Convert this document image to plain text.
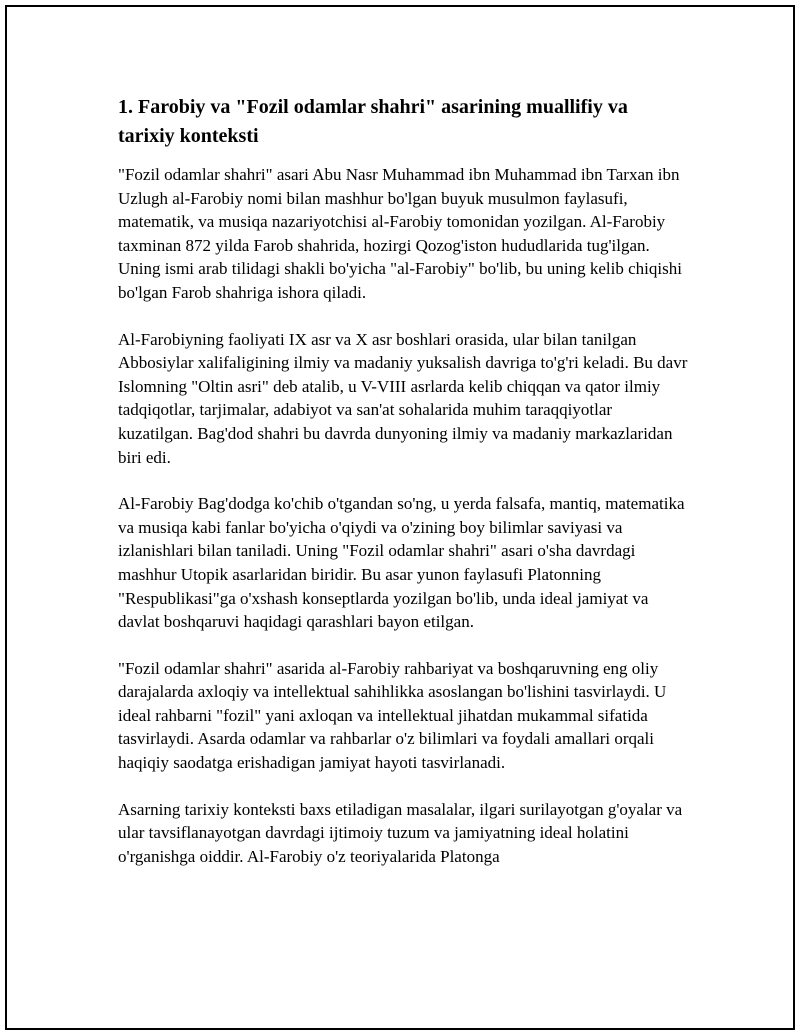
1. Farobiy va "Fozil odamlar shahri" asarining muallifiy va tarixiy konteksti

"Fozil odamlar shahri" asari Abu Nasr Muhammad ibn Muhammad ibn Tarxan ibn Uzlugh al-Farobiy nomi bilan mashhur bo'lgan buyuk musulmon faylasufi, matematik, va musiqa nazariyotchisi al-Farobiy tomonidan yozilgan. Al-Farobiy taxminan 872 yilda Farob shahrida, hozirgi Qozog'iston hududlarida tug'ilgan. Uning ismi arab tilidagi shakli bo'yicha "al-Farobiy" bo'lib, bu uning kelib chiqishi bo'lgan Farob shahriga ishora qiladi.

Al-Farobiyning faoliyati IX asr va X asr boshlari orasida, ular bilan tanilgan Abbosiylar xalifaligining ilmiy va madaniy yuksalish davriga to'g'ri keladi. Bu davr Islomning "Oltin asri" deb atalib, u V-VIII asrlarda kelib chiqqan va qator ilmiy tadqiqotlar, tarjimalar, adabiyot va san'at sohalarida muhim taraqqiyotlar kuzatilgan. Bag'dod shahri bu davrda dunyoning ilmiy va madaniy markazlaridan biri edi.

Al-Farobiy Bag'dodga ko'chib o'tgandan so'ng, u yerda falsafa, mantiq, matematika va musiqa kabi fanlar bo'yicha o'qiydi va o'zining boy bilimlar saviyasi va izlanishlari bilan taniladi. Uning "Fozil odamlar shahri" asari o'sha davrdagi mashhur Utopik asarlaridan biridir. Bu asar yunon faylasufi Platonning "Respublikasi"ga o'xshash konseptlarda yozilgan bo'lib, unda ideal jamiyat va davlat boshqaruvi haqidagi qarashlari bayon etilgan.

"Fozil odamlar shahri" asarida al-Farobiy rahbariyat va boshqaruvning eng oliy darajalarda axloqiy va intellektual sahihlikka asoslangan bo'lishini tasvirlaydi. U ideal rahbarni "fozil" yani axloqan va intellektual jihatdan mukammal sifatida tasvirlaydi. Asarda odamlar va rahbarlar o'z bilimlari va foydali amallari orqali haqiqiy saodatga erishadigan jamiyat hayoti tasvirlanadi.

Asarning tarixiy konteksti baxs etiladigan masalalar, ilgari surilayotgan g'oyalar va ular tavsiflanayotgan davrdagi ijtimoiy tuzum va jamiyatning ideal holatini o'rganishga oiddir. Al-Farobiy o'z teoriyalarida Platonga
